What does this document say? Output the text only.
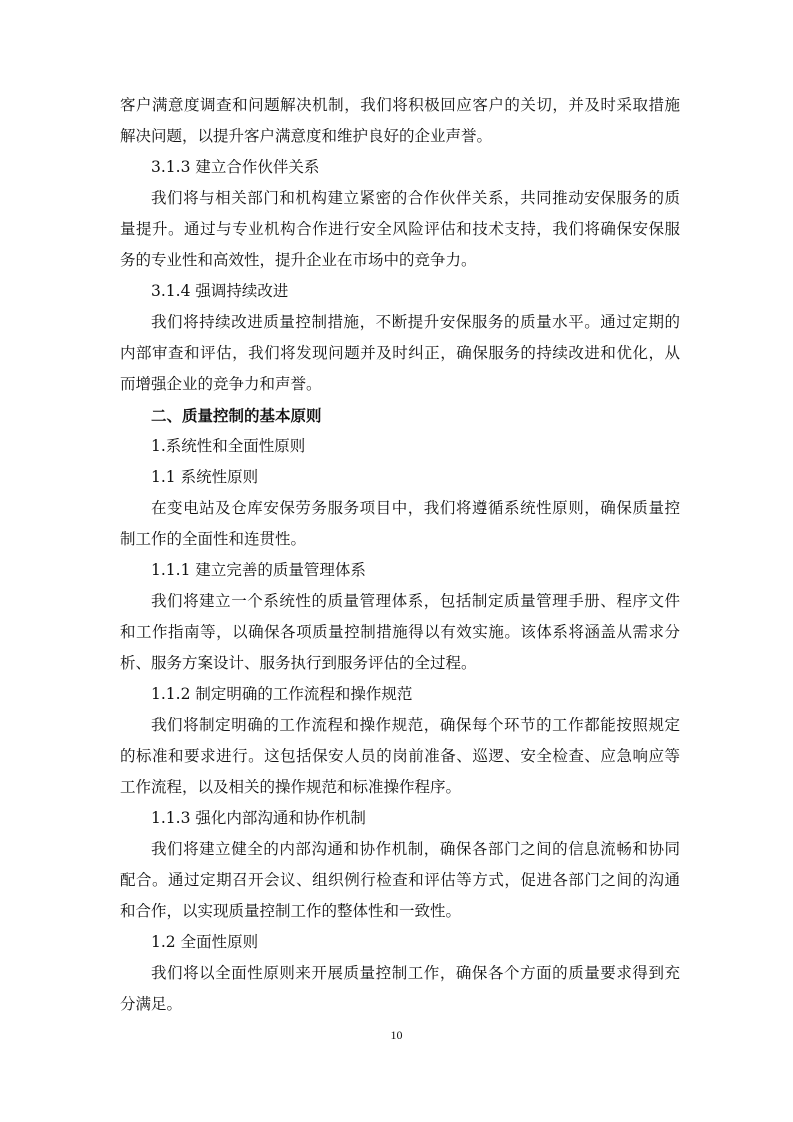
客户满意度调查和问题解决机制，我们将积极回应客户的关切，并及时采取措施
解决问题，以提升客户满意度和维护良好的企业声誉。
3.1.3 建立合作伙伴关系
我们将与相关部门和机构建立紧密的合作伙伴关系，共同推动安保服务的质
量提升。通过与专业机构合作进行安全风险评估和技术支持，我们将确保安保服
务的专业性和高效性，提升企业在市场中的竞争力。
3.1.4 强调持续改进
我们将持续改进质量控制措施，不断提升安保服务的质量水平。通过定期的
内部审查和评估，我们将发现问题并及时纠正，确保服务的持续改进和优化，从
而增强企业的竞争力和声誉。
二、质量控制的基本原则
1.系统性和全面性原则
1.1 系统性原则
在变电站及仓库安保劳务服务项目中，我们将遵循系统性原则，确保质量控
制工作的全面性和连贯性。
1.1.1 建立完善的质量管理体系
我们将建立一个系统性的质量管理体系，包括制定质量管理手册、程序文件
和工作指南等，以确保各项质量控制措施得以有效实施。该体系将涵盖从需求分
析、服务方案设计、服务执行到服务评估的全过程。
1.1.2 制定明确的工作流程和操作规范
我们将制定明确的工作流程和操作规范，确保每个环节的工作都能按照规定
的标准和要求进行。这包括保安人员的岗前准备、巡逻、安全检查、应急响应等
工作流程，以及相关的操作规范和标准操作程序。
1.1.3 强化内部沟通和协作机制
我们将建立健全的内部沟通和协作机制，确保各部门之间的信息流畅和协同
配合。通过定期召开会议、组织例行检查和评估等方式，促进各部门之间的沟通
和合作，以实现质量控制工作的整体性和一致性。
1.2 全面性原则
我们将以全面性原则来开展质量控制工作，确保各个方面的质量要求得到充
分满足。
10
